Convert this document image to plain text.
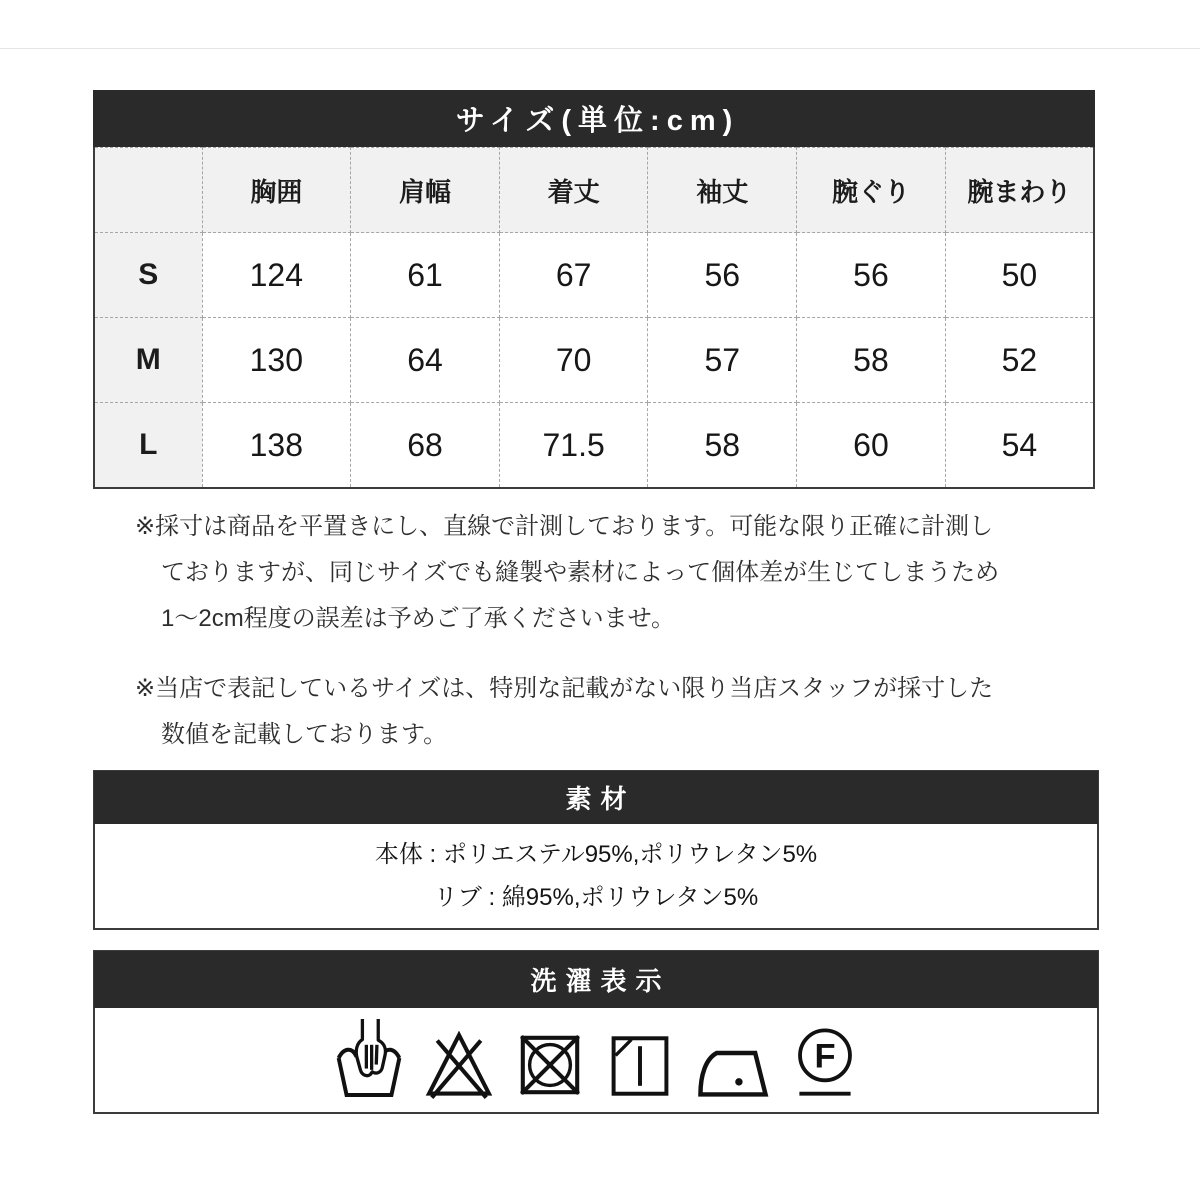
サイズ(単位:cm)
	胸囲	肩幅	着丈	袖丈	腕ぐり	腕まわり
S	124	61	67	56	56	50
M	130	64	70	57	58	52
L	138	68	71.5	58	60	54
※採寸は商品を平置きにし、直線で計測しております。可能な限り正確に計測し
ておりますが、同じサイズでも縫製や素材によって個体差が生じてしまうため
1〜2cm程度の誤差は予めご了承くださいませ。
※当店で表記しているサイズは、特別な記載がない限り当店スタッフが採寸した
数値を記載しております。
素材
本体 : ポリエステル95%,ポリウレタン5%
リブ : 綿95%,ポリウレタン5%
洗濯表示
F
